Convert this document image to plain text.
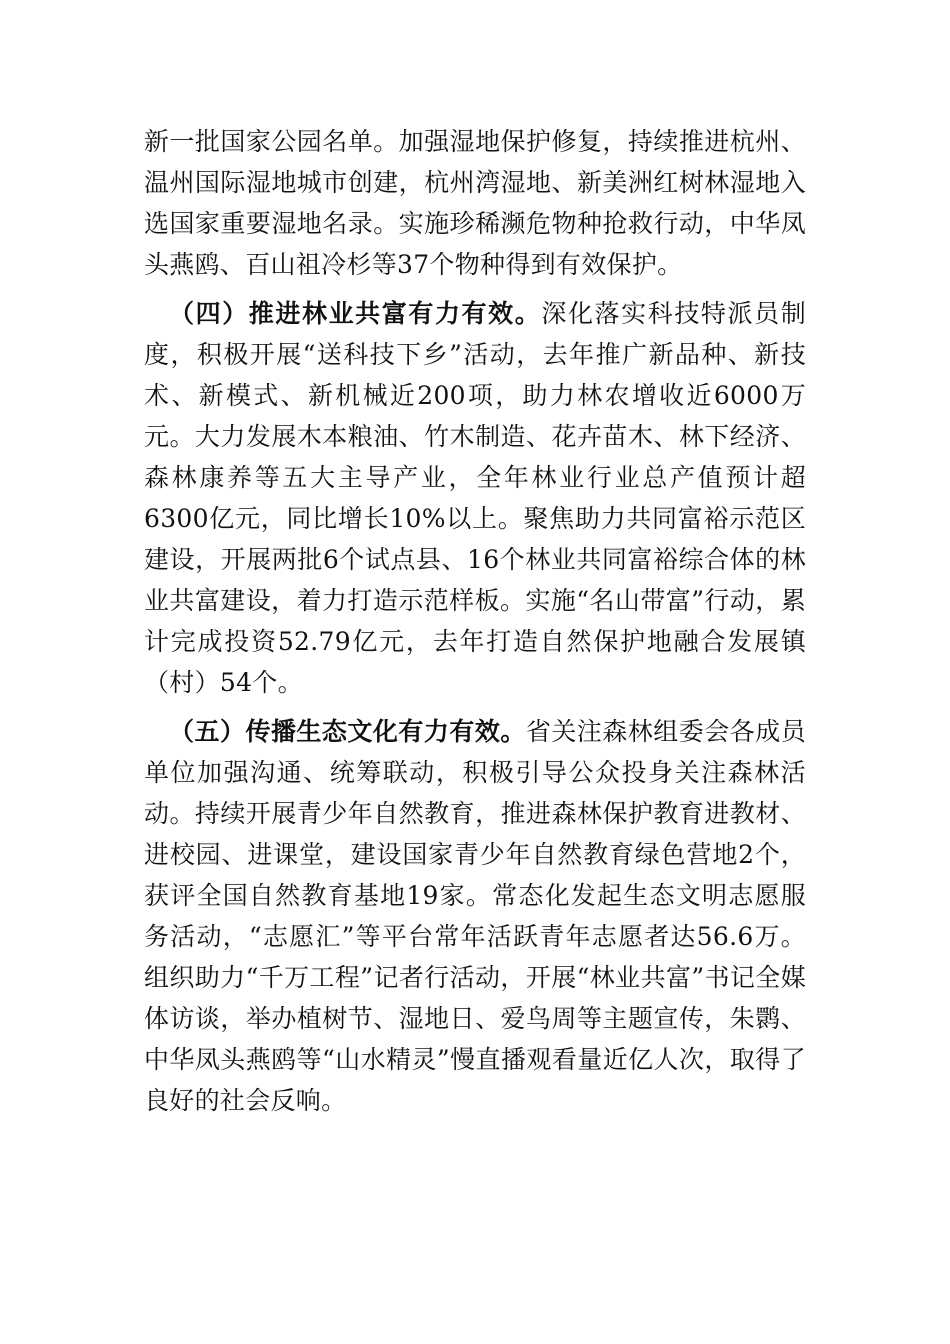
新一批国家公园名单。加强湿地保护修复，持续推进杭州、温州国际湿地城市创建，杭州湾湿地、新美洲红树林湿地入选国家重要湿地名录。实施珍稀濒危物种抢救行动，中华凤头燕鸥、百山祖冷杉等37个物种得到有效保护。

（四）推进林业共富有力有效。深化落实科技特派员制度，积极开展“送科技下乡”活动，去年推广新品种、新技术、新模式、新机械近200项，助力林农增收近6000万元。大力发展木本粮油、竹木制造、花卉苗木、林下经济、森林康养等五大主导产业，全年林业行业总产值预计超6300亿元，同比增长10%以上。聚焦助力共同富裕示范区建设，开展两批6个试点县、16个林业共同富裕综合体的林业共富建设，着力打造示范样板。实施“名山带富”行动，累计完成投资52.79亿元，去年打造自然保护地融合发展镇（村）54个。

（五）传播生态文化有力有效。省关注森林组委会各成员单位加强沟通、统筹联动，积极引导公众投身关注森林活动。持续开展青少年自然教育，推进森林保护教育进教材、进校园、进课堂，建设国家青少年自然教育绿色营地2个，获评全国自然教育基地19家。常态化发起生态文明志愿服务活动，“志愿汇”等平台常年活跃青年志愿者达56.6万。组织助力“千万工程”记者行活动，开展“林业共富”书记全媒体访谈，举办植树节、湿地日、爱鸟周等主题宣传，朱鹮、中华凤头燕鸥等“山水精灵”慢直播观看量近亿人次，取得了良好的社会反响。
